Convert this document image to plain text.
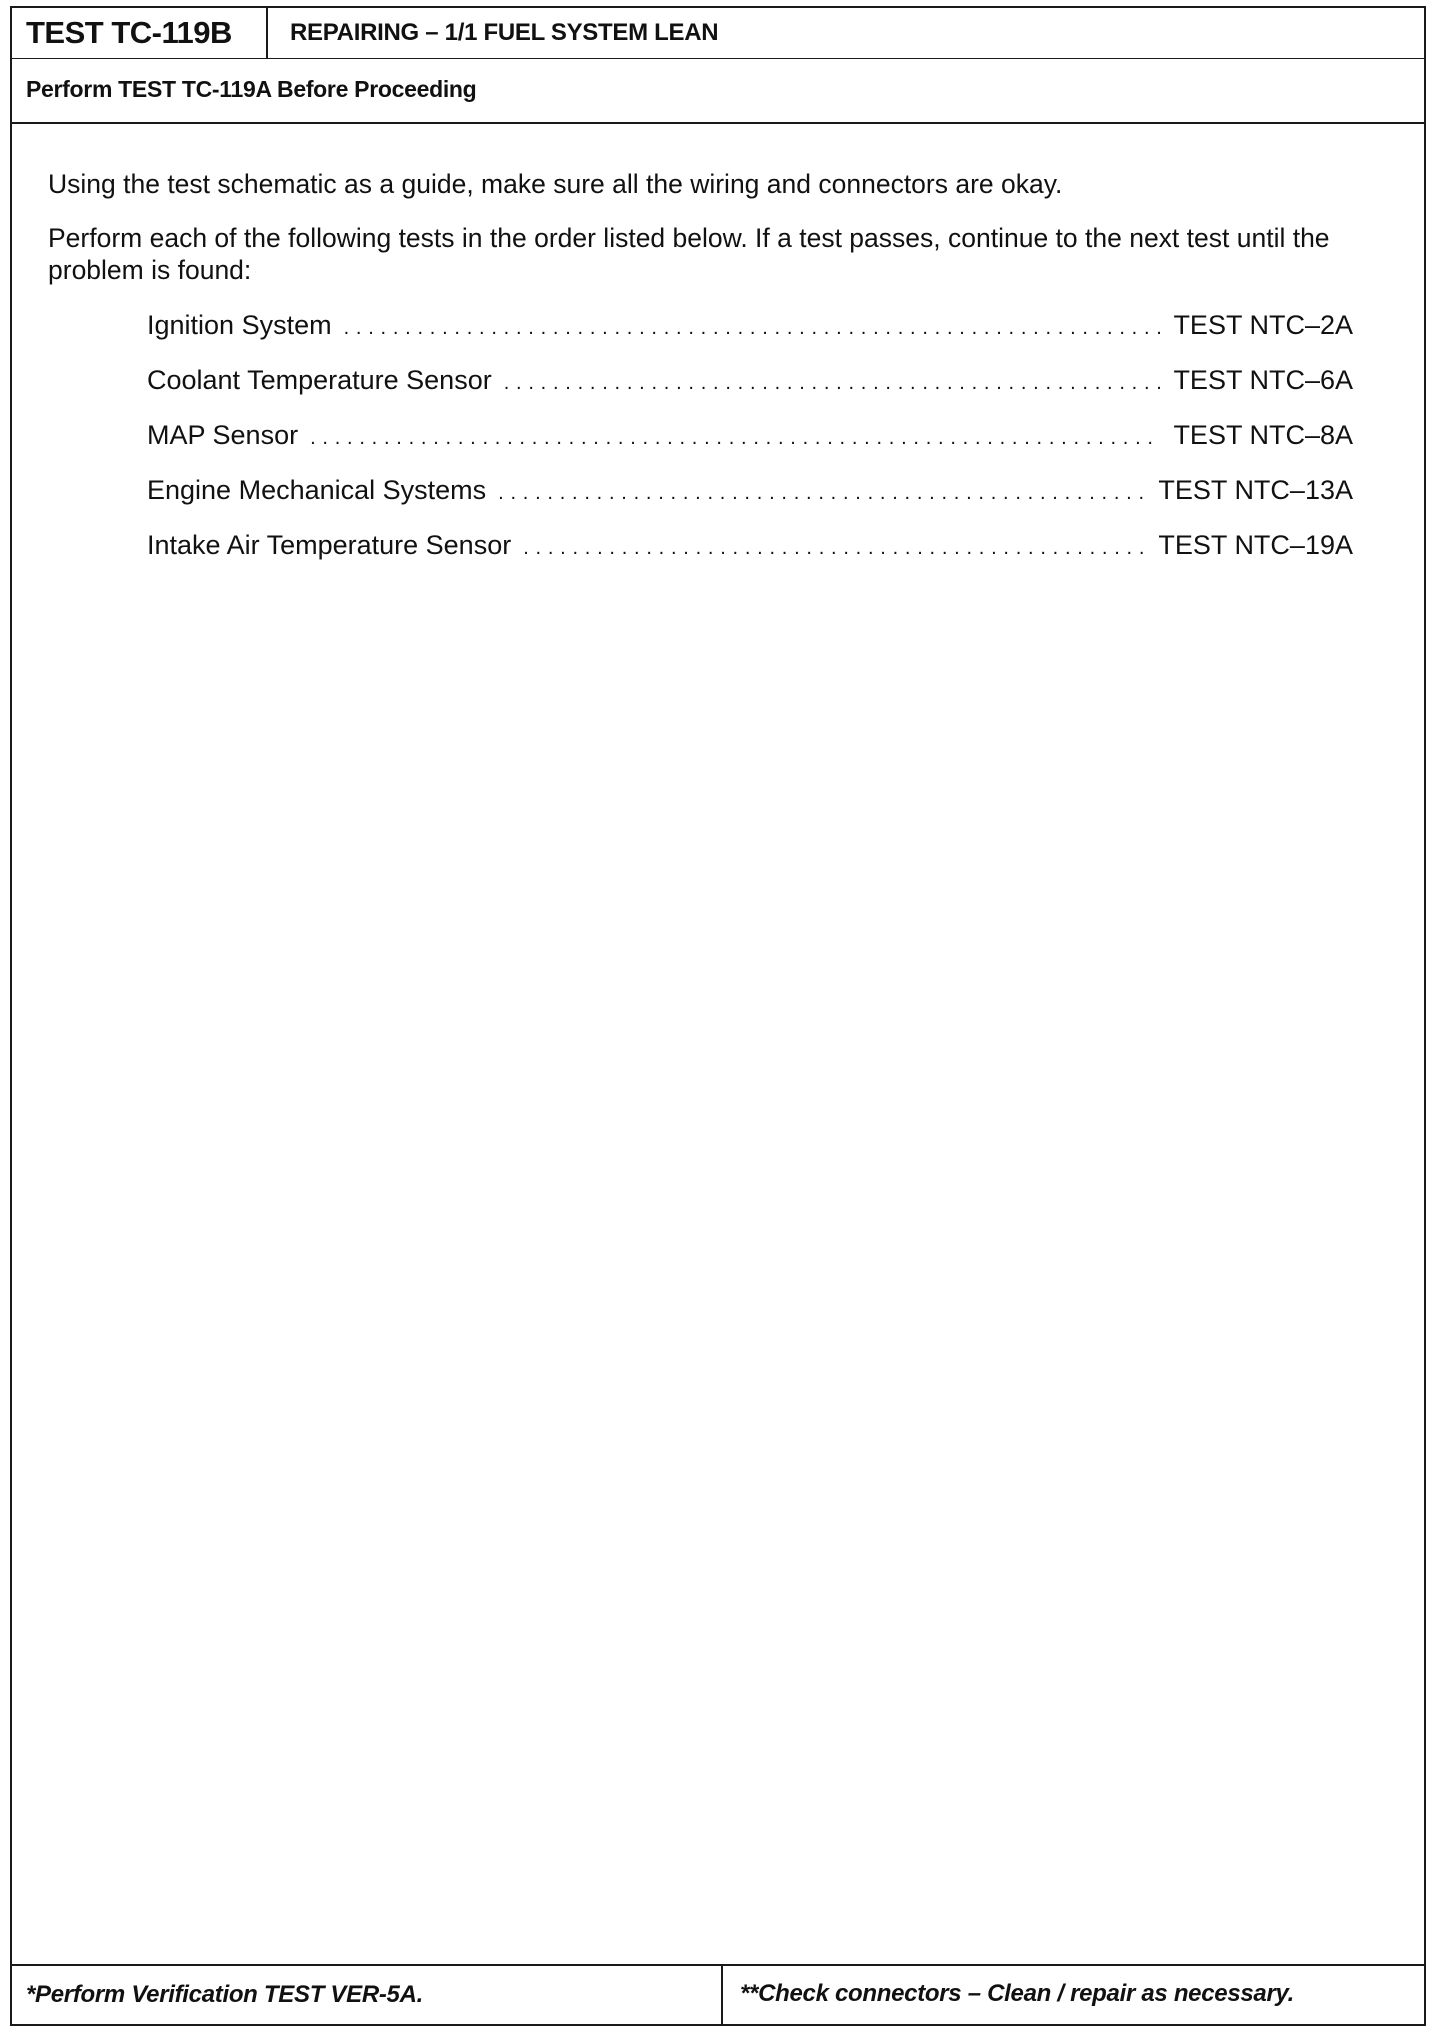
TEST TC-119B	REPAIRING – 1/1 FUEL SYSTEM LEAN
Perform TEST TC-119A Before Proceeding

Using the test schematic as a guide, make sure all the wiring and connectors are okay.

Perform each of the following tests in the order listed below. If a test passes, continue to the next test until the problem is found:

Ignition System . . .	TEST NTC–2A
Coolant Temperature Sensor . . .	TEST NTC–6A
MAP Sensor . . .	TEST NTC–8A
Engine Mechanical Systems . . .	TEST NTC–13A
Intake Air Temperature Sensor . . .	TEST NTC–19A
*Perform Verification TEST VER-5A.	**Check connectors – Clean / repair as necessary.
